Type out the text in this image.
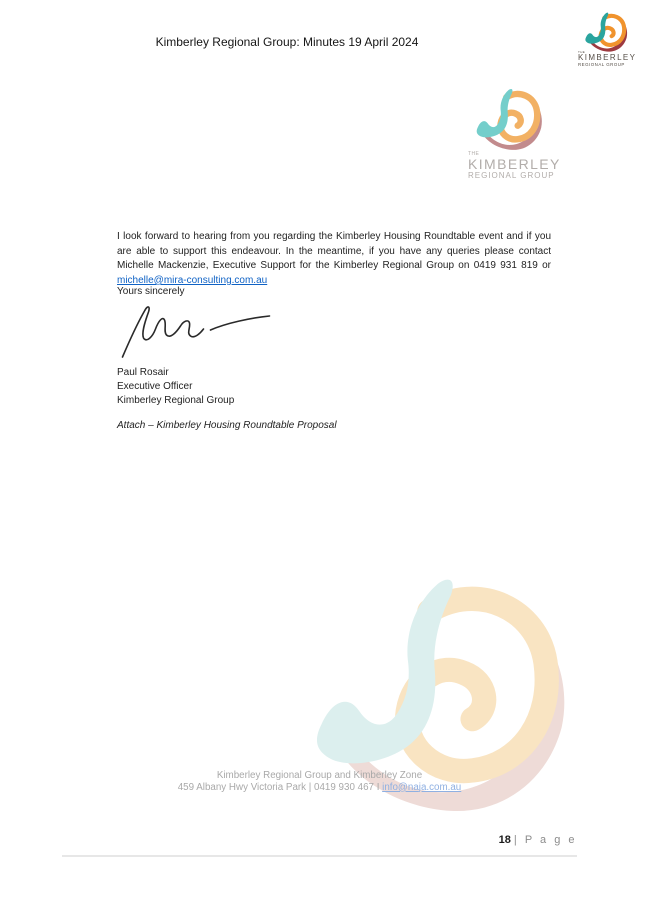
Kimberley Regional Group: Minutes 19 April 2024
THE
KIMBERLEY
REGIONAL GROUP
THE
KIMBERLEY
REGIONAL GROUP

I look forward to hearing from you regarding the Kimberley Housing Roundtable event and if you are able to support this endeavour. In the meantime, if you have any queries please contact Michelle Mackenzie, Executive Support for the Kimberley Regional Group on 0419 931 819 or michelle@mira-consulting.com.au

Yours sincerely
Paul Rosair
Executive Officer
Kimberley Regional Group
Attach – Kimberley Housing Roundtable Proposal
Kimberley Regional Group and Kimberley Zone
459 Albany Hwy Victoria Park | 0419 930 467 I info@naja.com.au
18 | P a g e
